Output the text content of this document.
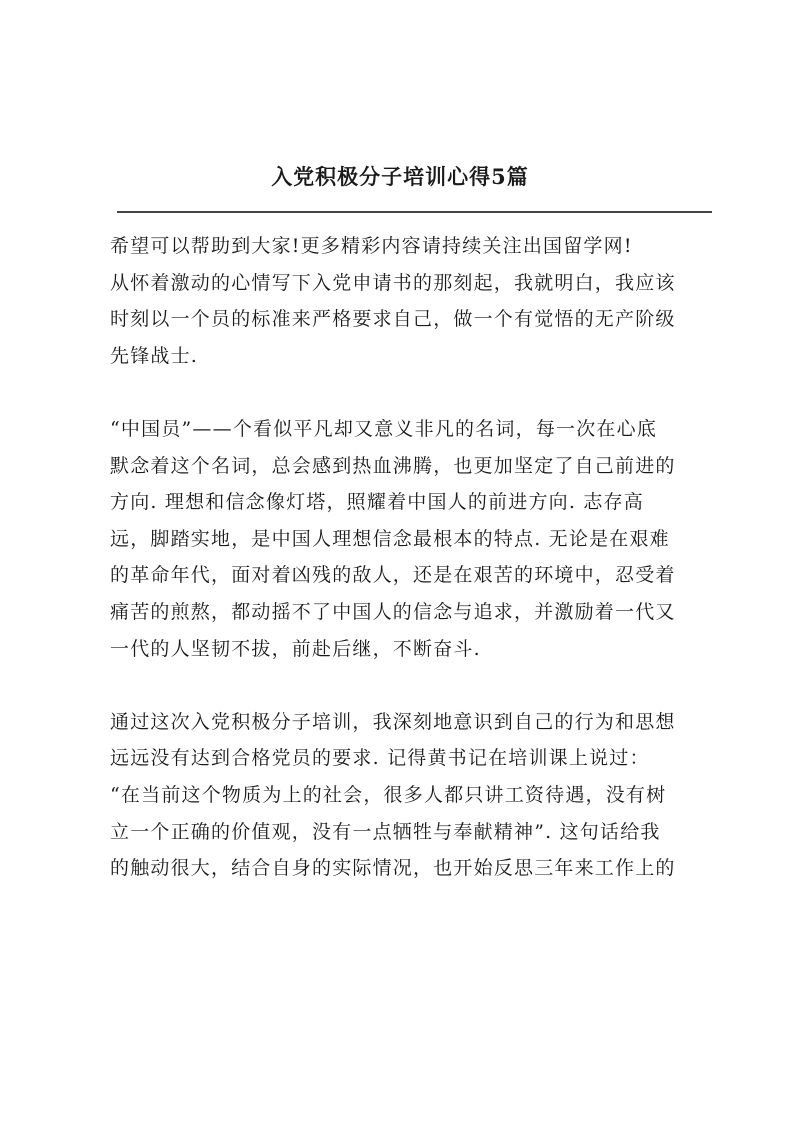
入党积极分子培训心得5篇
希望可以帮助到大家!更多精彩内容请持续关注出国留学网!
从怀着激动的心情写下入党申请书的那刻起，我就明白，我应该
时刻以一个员的标准来严格要求自己，做一个有觉悟的无产阶级
先锋战士.
“中国员”——个看似平凡却又意义非凡的名词，每一次在心底
默念着这个名词，总会感到热血沸腾，也更加坚定了自己前进的
方向. 理想和信念像灯塔，照耀着中国人的前进方向. 志存高
远，脚踏实地，是中国人理想信念最根本的特点. 无论是在艰难
的革命年代，面对着凶残的敌人，还是在艰苦的环境中，忍受着
痛苦的煎熬，都动摇不了中国人的信念与追求，并激励着一代又
一代的人坚韧不拔，前赴后继，不断奋斗.
通过这次入党积极分子培训，我深刻地意识到自己的行为和思想
远远没有达到合格党员的要求. 记得黄书记在培训课上说过：
“在当前这个物质为上的社会，很多人都只讲工资待遇，没有树
立一个正确的价值观，没有一点牺牲与奉献精神”. 这句话给我
的触动很大，结合自身的实际情况，也开始反思三年来工作上的
